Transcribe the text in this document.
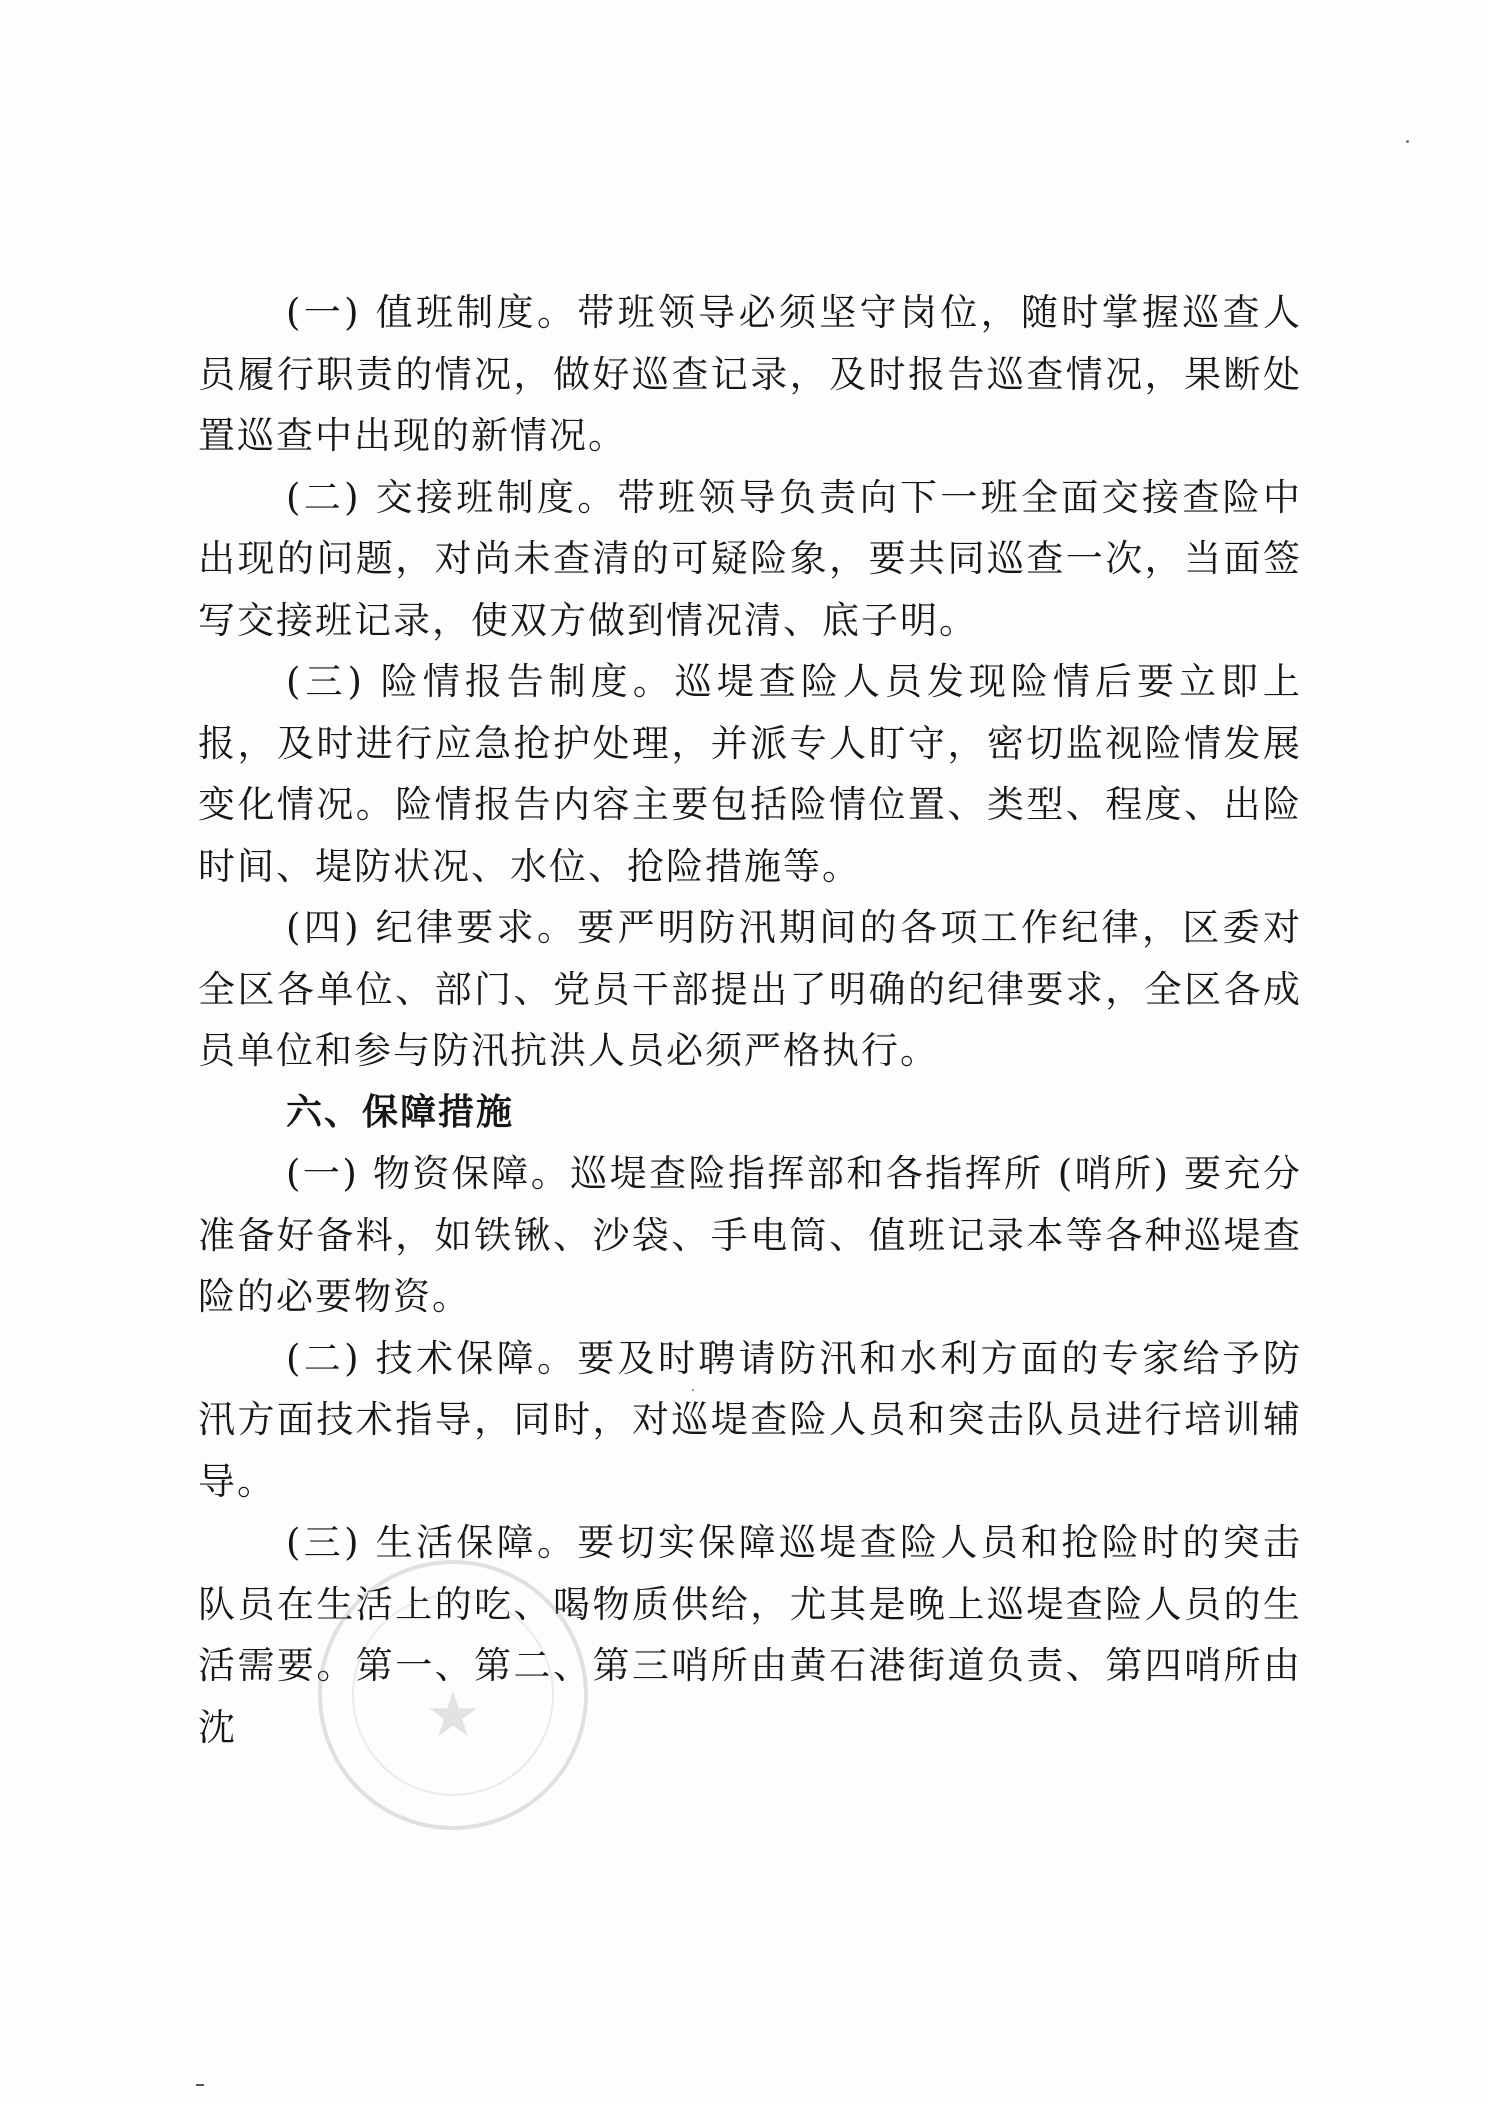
(一) 值班制度。带班领导必须坚守岗位，随时掌握巡查人员履行职责的情况，做好巡查记录，及时报告巡查情况，果断处置巡查中出现的新情况。

(二) 交接班制度。带班领导负责向下一班全面交接查险中出现的问题，对尚未查清的可疑险象，要共同巡查一次，当面签写交接班记录，使双方做到情况清、底子明。

(三) 险情报告制度。巡堤查险人员发现险情后要立即上报，及时进行应急抢护处理，并派专人盯守，密切监视险情发展变化情况。险情报告内容主要包括险情位置、类型、程度、出险时间、堤防状况、水位、抢险措施等。

(四) 纪律要求。要严明防汛期间的各项工作纪律，区委对全区各单位、部门、党员干部提出了明确的纪律要求，全区各成员单位和参与防汛抗洪人员必须严格执行。

六、保障措施

(一) 物资保障。巡堤查险指挥部和各指挥所 (哨所) 要充分准备好备料，如铁锹、沙袋、手电筒、值班记录本等各种巡堤查险的必要物资。

(二) 技术保障。要及时聘请防汛和水利方面的专家给予防汛方面技术指导，同时，对巡堤查险人员和突击队员进行培训辅导。

(三) 生活保障。要切实保障巡堤查险人员和抢险时的突击队员在生活上的吃、喝物质供给，尤其是晚上巡堤查险人员的生活需要。第一、第二、第三哨所由黄石港街道负责、第四哨所由沈	★
